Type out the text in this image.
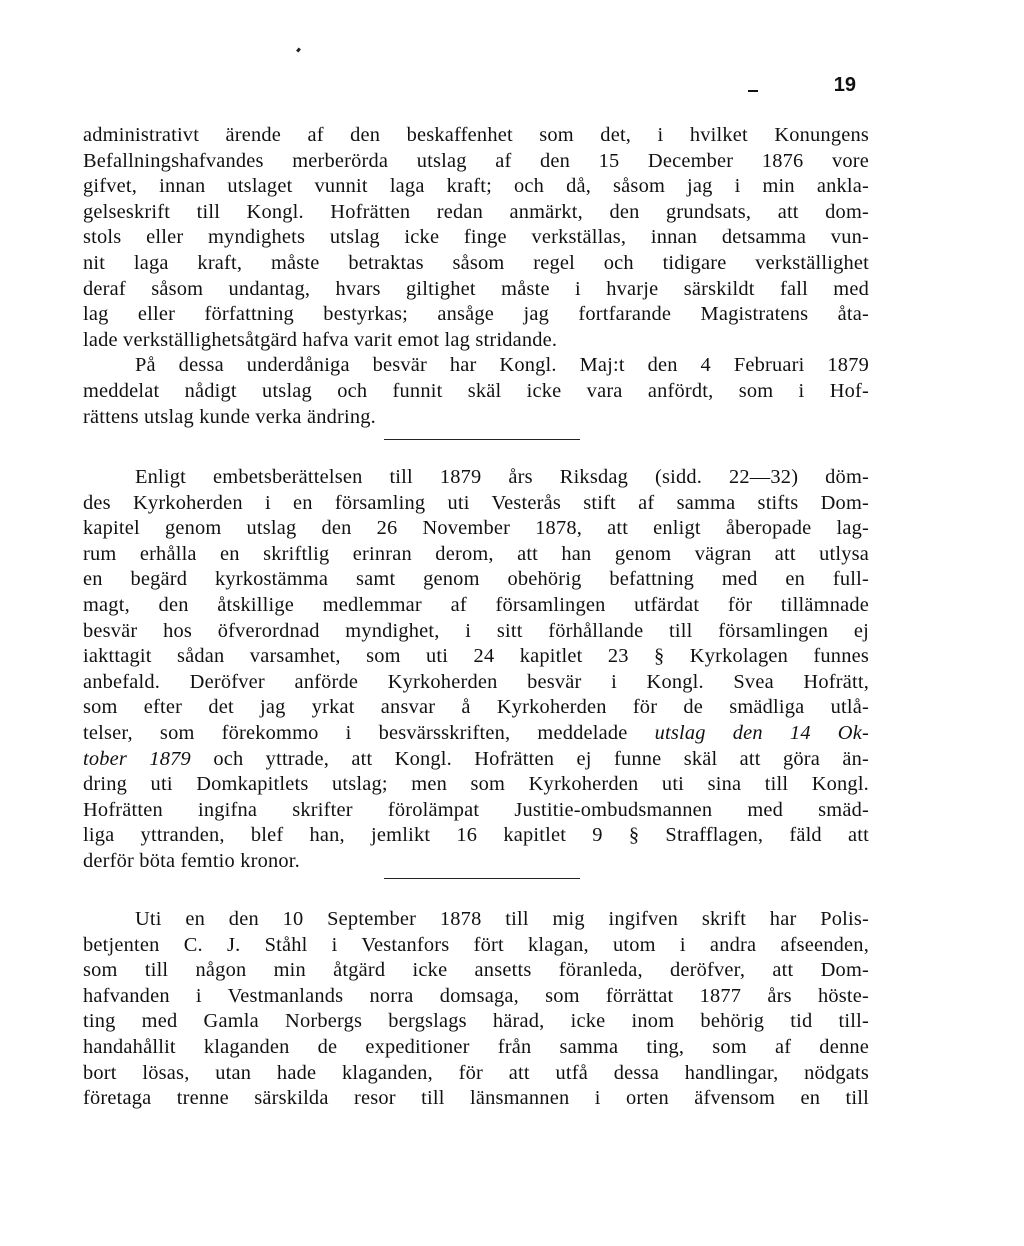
19
administrativt ärende af den beskaffenhet som det, i hvilket Konungens
Befallningshafvandes merberörda utslag af den 15 December 1876 vore
gifvet, innan utslaget vunnit laga kraft; och då, såsom jag i min ankla-
gelseskrift till Kongl. Hofrätten redan anmärkt, den grundsats, att dom-
stols eller myndighets utslag icke finge verkställas, innan detsamma vun-
nit laga kraft, måste betraktas såsom regel och tidigare verkställighet
deraf såsom undantag, hvars giltighet måste i hvarje särskildt fall med
lag eller författning bestyrkas; ansåge jag fortfarande Magistratens åta-
lade verkställighetsåtgärd hafva varit emot lag stridande.
På dessa underdåniga besvär har Kongl. Maj:t den 4 Februari 1879
meddelat nådigt utslag och funnit skäl icke vara anfördt, som i Hof-
rättens utslag kunde verka ändring.
Enligt embetsberättelsen till 1879 års Riksdag (sidd. 22—32) döm-
des Kyrkoherden i en församling uti Vesterås stift af samma stifts Dom-
kapitel genom utslag den 26 November 1878, att enligt åberopade lag-
rum erhålla en skriftlig erinran derom, att han genom vägran att utlysa
en begärd kyrkostämma samt genom obehörig befattning med en full-
magt, den åtskillige medlemmar af församlingen utfärdat för tillämnade
besvär hos öfverordnad myndighet, i sitt förhållande till församlingen ej
iakttagit sådan varsamhet, som uti 24 kapitlet 23 § Kyrkolagen funnes
anbefald. Deröfver anförde Kyrkoherden besvär i Kongl. Svea Hofrätt,
som efter det jag yrkat ansvar å Kyrkoherden för de smädliga utlå-
telser, som förekommo i besvärsskriften, meddelade utslag den 14 Ok-
tober 1879 och yttrade, att Kongl. Hofrätten ej funne skäl att göra än-
dring uti Domkapitlets utslag; men som Kyrkoherden uti sina till Kongl.
Hofrätten ingifna skrifter förolämpat Justitie-ombudsmannen med smäd-
liga yttranden, blef han, jemlikt 16 kapitlet 9 § Strafflagen, fäld att
derför böta femtio kronor.
Uti en den 10 September 1878 till mig ingifven skrift har Polis-
betjenten C. J. Ståhl i Vestanfors fört klagan, utom i andra afseenden,
som till någon min åtgärd icke ansetts föranleda, deröfver, att Dom-
hafvanden i Vestmanlands norra domsaga, som förrättat 1877 års höste-
ting med Gamla Norbergs bergslags härad, icke inom behörig tid till-
handahållit klaganden de expeditioner från samma ting, som af denne
bort lösas, utan hade klaganden, för att utfå dessa handlingar, nödgats
företaga trenne särskilda resor till länsmannen i orten äfvensom en till
